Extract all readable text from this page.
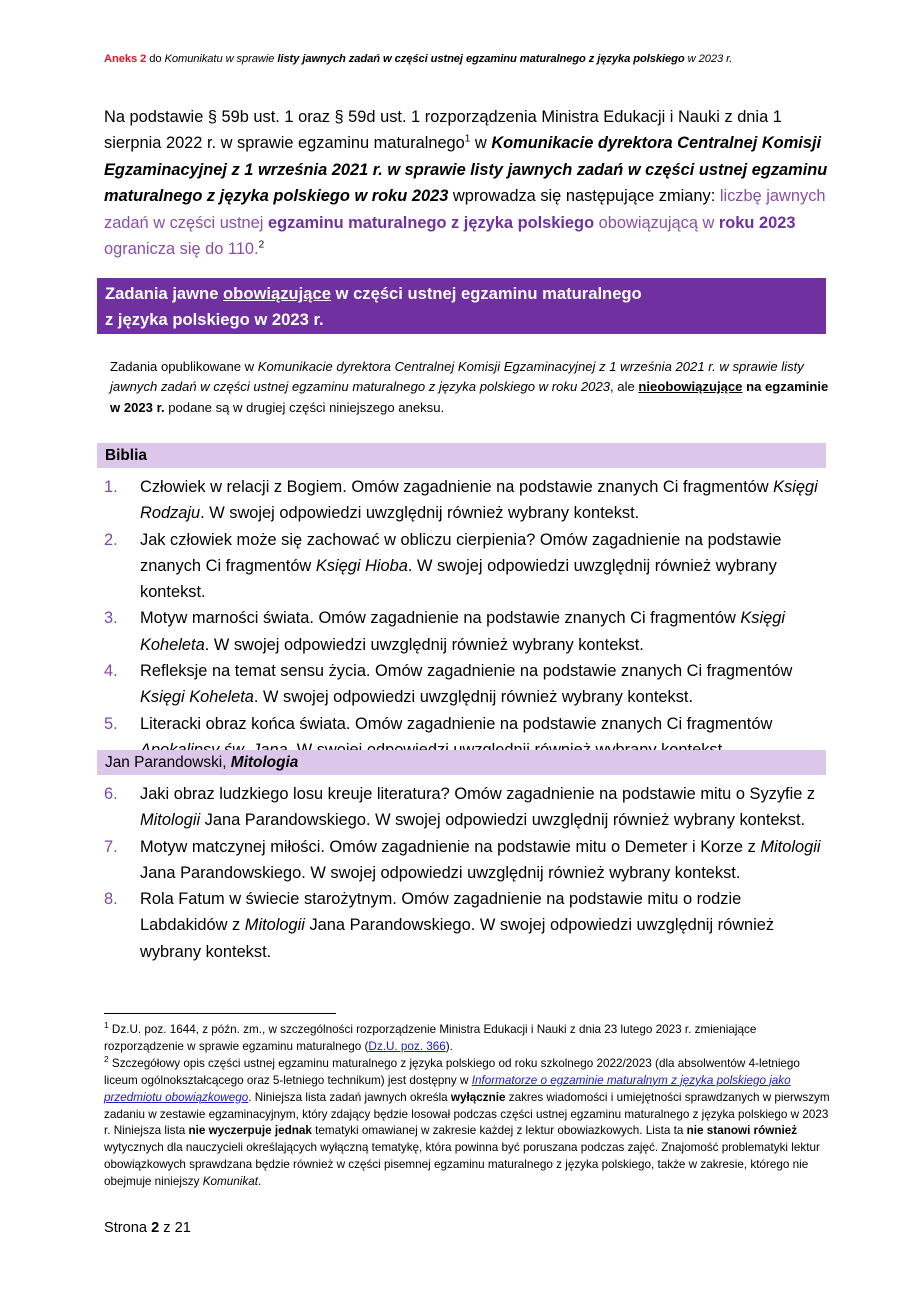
Aneks 2 do Komunikatu w sprawie listy jawnych zadań w części ustnej egzaminu maturalnego z języka polskiego w 2023 r.
Na podstawie § 59b ust. 1 oraz § 59d ust. 1 rozporządzenia Ministra Edukacji i Nauki z dnia 1 sierpnia 2022 r. w sprawie egzaminu maturalnego$^1$ w Komunikacie dyrektora Centralnej Komisji Egzaminacyjnej z 1 września 2021 r. w sprawie listy jawnych zadań w części ustnej egzaminu maturalnego z języka polskiego w roku 2023 wprowadza się następujące zmiany: liczbę jawnych zadań w części ustnej egzaminu maturalnego z języka polskiego obowiązującą w roku 2023 ogranicza się do 110.$^2$
Zadania jawne obowiązujące w części ustnej egzaminu maturalnego
z języka polskiego w 2023 r.
Zadania opublikowane w Komunikacie dyrektora Centralnej Komisji Egzaminacyjnej z 1 września 2021 r. w sprawie listy jawnych zadań w części ustnej egzaminu maturalnego z języka polskiego w roku 2023, ale nieobowiązujące na egzaminie w 2023 r. podane są w drugiej części niniejszego aneksu.
Biblia
1.	Człowiek w relacji z Bogiem. Omów zagadnienie na podstawie znanych Ci fragmentów Księgi Rodzaju. W swojej odpowiedzi uwzględnij również wybrany kontekst.
2.	Jak człowiek może się zachować w obliczu cierpienia? Omów zagadnienie na podstawie znanych Ci fragmentów Księgi Hioba. W swojej odpowiedzi uwzględnij również wybrany kontekst.
3.	Motyw marności świata. Omów zagadnienie na podstawie znanych Ci fragmentów Księgi Koheleta. W swojej odpowiedzi uwzględnij również wybrany kontekst.
4.	Refleksje na temat sensu życia. Omów zagadnienie na podstawie znanych Ci fragmentów Księgi Koheleta. W swojej odpowiedzi uwzględnij również wybrany kontekst.
5.	Literacki obraz końca świata. Omów zagadnienie na podstawie znanych Ci fragmentów
Jan Parandowski, Mitologia
6.	Jaki obraz ludzkiego losu kreuje literatura? Omów zagadnienie na podstawie mitu o Syzyfie z Mitologii Jana Parandowskiego. W swojej odpowiedzi uwzględnij również wybrany kontekst.
7.	Motyw matczynej miłości. Omów zagadnienie na podstawie mitu o Demeter i Korze z Mitologii Jana Parandowskiego. W swojej odpowiedzi uwzględnij również wybrany kontekst.
8.	Rola Fatum w świecie starożytnym. Omów zagadnienie na podstawie mitu o rodzie Labdakidów z Mitologii Jana Parandowskiego. W swojej odpowiedzi uwzględnij również wybrany kontekst.

$^1$ Dz.U. poz. 1644, z późn. zm., w szczególności rozporządzenie Ministra Edukacji i Nauki z dnia 23 lutego 2023 r. zmieniające rozporządzenie w sprawie egzaminu maturalnego (Dz.U. poz. 366).

$^2$ Szczegółowy opis części ustnej egzaminu maturalnego z języka polskiego od roku szkolnego 2022/2023 (dla absolwentów 4-letniego liceum ogólnokształcącego oraz 5-letniego technikum) jest dostępny w Informatorze o egzaminie maturalnym z języka polskiego jako przedmiotu obowiązkowego. Niniejsza lista zadań jawnych określa wyłącznie zakres wiadomości i umiejętności sprawdzanych w pierwszym zadaniu w zestawie egzaminacyjnym, który zdający będzie losował podczas części ustnej egzaminu maturalnego z języka polskiego w 2023 r. Niniejsza lista nie wyczerpuje jednak tematyki omawianej w zakresie każdej z lektur obowiazkowych. Lista ta nie stanowi również wytycznych dla nauczycieli określających wyłączną tematykę, która powinna być poruszana podczas zajęć. Znajomość problematyki lektur obowiązkowych sprawdzana będzie również w części pisemnej egzaminu maturalnego z języka polskiego, także w zakresie, którego nie obejmuje niniejszy Komunikat.

Strona 2 z 21
